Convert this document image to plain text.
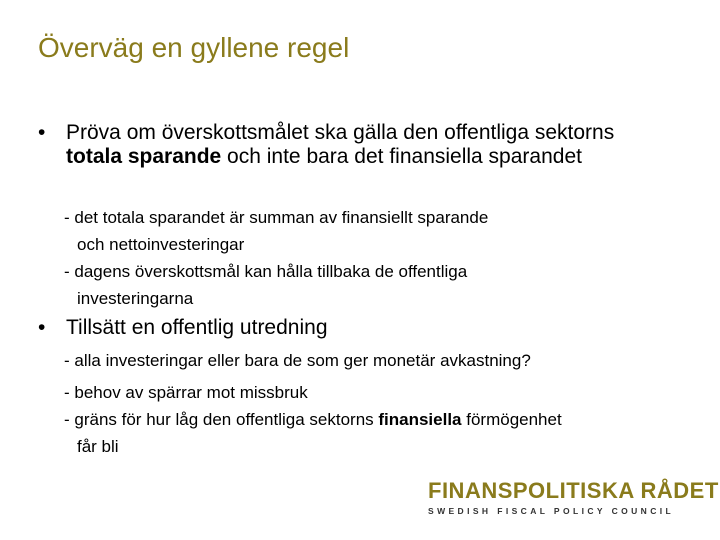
Överväg en gyllene regel
• Pröva om överskottsmålet ska gälla den offentliga sektorns totala sparande och inte bara det finansiella sparandet
- det totala sparandet är summan av finansiellt sparande
och nettoinvesteringar
- dagens överskottsmål kan hålla tillbaka de offentliga
investeringarna
• Tillsätt en offentlig utredning
- alla investeringar eller bara de som ger monetär avkastning?
- behov av spärrar mot missbruk
- gräns för hur låg den offentliga sektorns finansiella förmögenhet
får bli
FINANSPOLITISKA RÅDET
SWEDISH FISCAL POLICY COUNCIL
